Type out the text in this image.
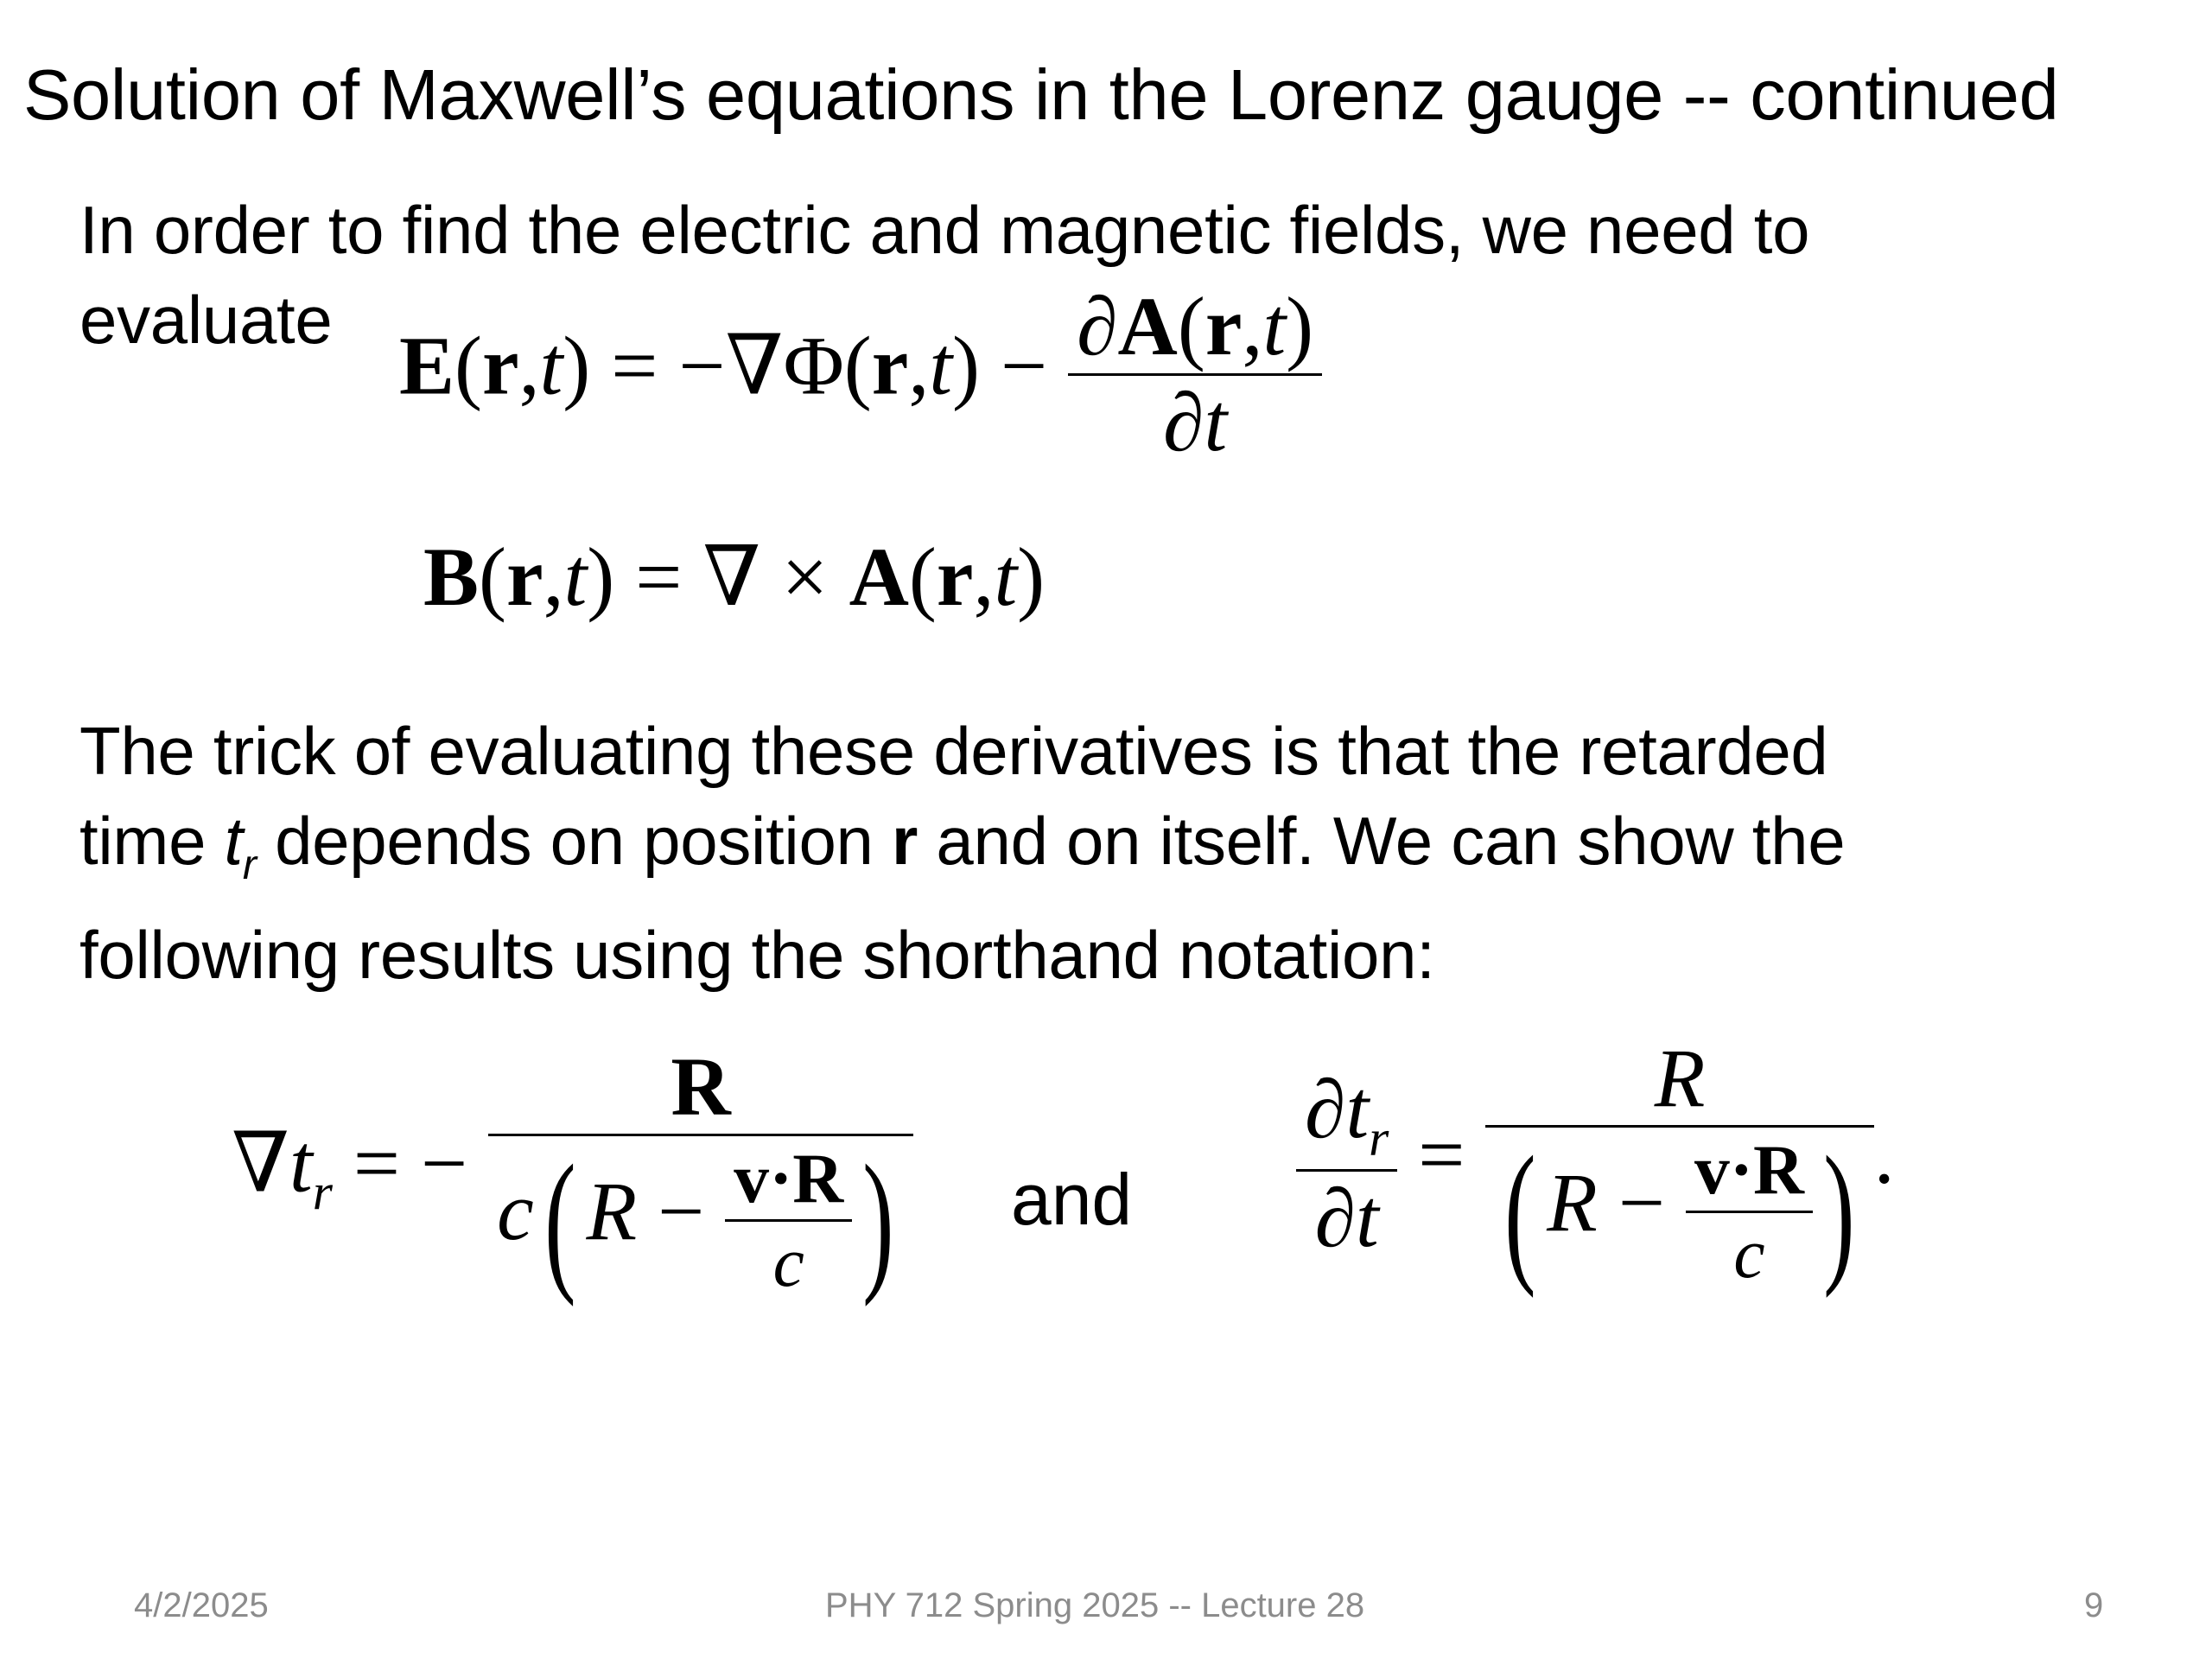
Solution of Maxwell’s equations in the Lorenz gauge -- continued
In order to find the electric and magnetic fields, we need to
evaluate $E(r,t) = -\nabla\Phi(r,t) - \frac{\partial A(r,t)}{\partial t}$
B(r,t) = ∇ × A(r,t)
The trick of evaluating these derivatives is that the retarded
time $t_r$ depends on position r and on itself. We can show the
following results using the shorthand notation:
$\nabla t_r$ = − $\frac{R}{c( R - \frac{v\cdot R}{c} )}$ and $\frac{\partial t_r}{\partial t} = \frac{R}{( R - \frac{v\cdot R}{c} )}$ .
4/2/2025	PHY 712 Spring 2025 -- Lecture 28	9
